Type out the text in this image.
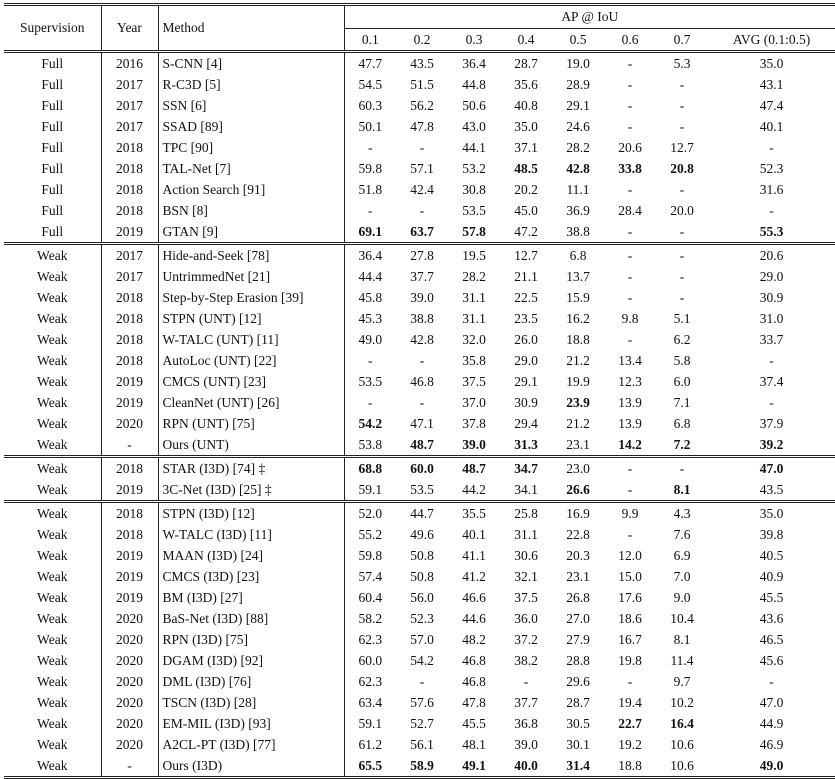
Supervision	Year	Method	AP @ IoU							
			0.1	0.2	0.3	0.4	0.5	0.6	0.7	AVG (0.1:0.5)
Full	2016	S-CNN [4]	47.7	43.5	36.4	28.7	19.0	-	5.3	35.0
Full	2017	R-C3D [5]	54.5	51.5	44.8	35.6	28.9	-	-	43.1
Full	2017	SSN [6]	60.3	56.2	50.6	40.8	29.1	-	-	47.4
Full	2017	SSAD [89]	50.1	47.8	43.0	35.0	24.6	-	-	40.1
Full	2018	TPC [90]	-	-	44.1	37.1	28.2	20.6	12.7	-
Full	2018	TAL-Net [7]	59.8	57.1	53.2	48.5	42.8	33.8	20.8	52.3
Full	2018	Action Search [91]	51.8	42.4	30.8	20.2	11.1	-	-	31.6
Full	2018	BSN [8]	-	-	53.5	45.0	36.9	28.4	20.0	-
Full	2019	GTAN [9]	69.1	63.7	57.8	47.2	38.8	-	-	55.3
Weak	2017	Hide-and-Seek [78]	36.4	27.8	19.5	12.7	6.8	-	-	20.6
Weak	2017	UntrimmedNet [21]	44.4	37.7	28.2	21.1	13.7	-	-	29.0
Weak	2018	Step-by-Step Erasion [39]	45.8	39.0	31.1	22.5	15.9	-	-	30.9
Weak	2018	STPN (UNT) [12]	45.3	38.8	31.1	23.5	16.2	9.8	5.1	31.0
Weak	2018	W-TALC (UNT) [11]	49.0	42.8	32.0	26.0	18.8	-	6.2	33.7
Weak	2018	AutoLoc (UNT) [22]	-	-	35.8	29.0	21.2	13.4	5.8	-
Weak	2019	CMCS (UNT) [23]	53.5	46.8	37.5	29.1	19.9	12.3	6.0	37.4
Weak	2019	CleanNet (UNT) [26]	-	-	37.0	30.9	23.9	13.9	7.1	-
Weak	2020	RPN (UNT) [75]	54.2	47.1	37.8	29.4	21.2	13.9	6.8	37.9
Weak	-	Ours (UNT)	53.8	48.7	39.0	31.3	23.1	14.2	7.2	39.2
Weak	2018	STAR (I3D) [74] ‡	68.8	60.0	48.7	34.7	23.0	-	-	47.0
Weak	2019	3C-Net (I3D) [25] ‡	59.1	53.5	44.2	34.1	26.6	-	8.1	43.5
Weak	2018	STPN (I3D) [12]	52.0	44.7	35.5	25.8	16.9	9.9	4.3	35.0
Weak	2018	W-TALC (I3D) [11]	55.2	49.6	40.1	31.1	22.8	-	7.6	39.8
Weak	2019	MAAN (I3D) [24]	59.8	50.8	41.1	30.6	20.3	12.0	6.9	40.5
Weak	2019	CMCS (I3D) [23]	57.4	50.8	41.2	32.1	23.1	15.0	7.0	40.9
Weak	2019	BM (I3D) [27]	60.4	56.0	46.6	37.5	26.8	17.6	9.0	45.5
Weak	2020	BaS-Net (I3D) [88]	58.2	52.3	44.6	36.0	27.0	18.6	10.4	43.6
Weak	2020	RPN (I3D) [75]	62.3	57.0	48.2	37.2	27.9	16.7	8.1	46.5
Weak	2020	DGAM (I3D) [92]	60.0	54.2	46.8	38.2	28.8	19.8	11.4	45.6
Weak	2020	DML (I3D) [76]	62.3	-	46.8	-	29.6	-	9.7	-
Weak	2020	TSCN (I3D) [28]	63.4	57.6	47.8	37.7	28.7	19.4	10.2	47.0
Weak	2020	EM-MIL (I3D) [93]	59.1	52.7	45.5	36.8	30.5	22.7	16.4	44.9
Weak	2020	A2CL-PT (I3D) [77]	61.2	56.1	48.1	39.0	30.1	19.2	10.6	46.9
Weak	-	Ours (I3D)	65.5	58.9	49.1	40.0	31.4	18.8	10.6	49.0
